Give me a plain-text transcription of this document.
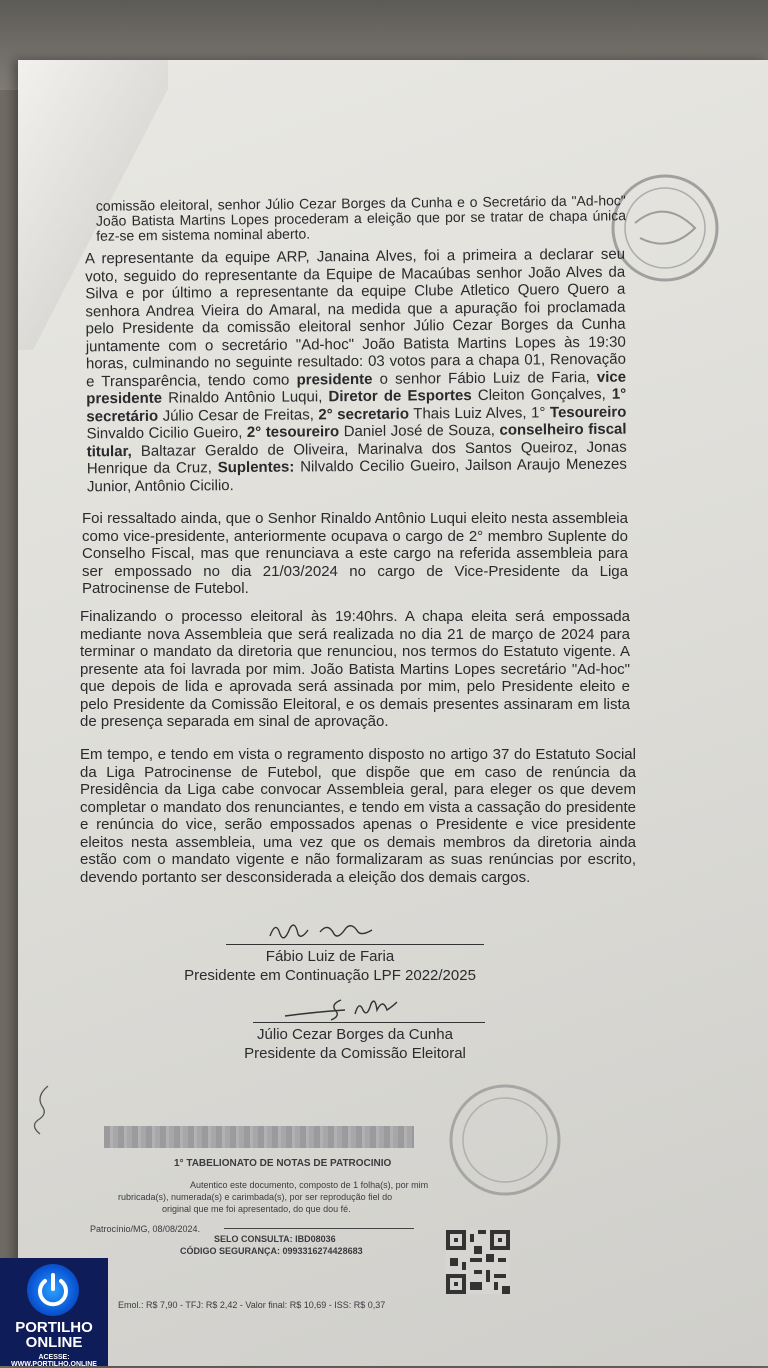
comissão eleitoral, senhor Júlio Cezar Borges da Cunha e o Secretário da "Ad-hoc" João Batista Martins Lopes procederam a eleição que por se tratar de chapa única fez-se em sistema nominal aberto.

A representante da equipe ARP, Janaina Alves, foi a primeira a declarar seu voto, seguido do representante da Equipe de Macaúbas senhor João Alves da Silva e por último a representante da equipe Clube Atletico Quero Quero a senhora Andrea Vieira do Amaral, na medida que a apuração foi proclamada pelo Presidente da comissão eleitoral senhor Júlio Cezar Borges da Cunha juntamente com o secretário "Ad-hoc" João Batista Martins Lopes às 19:30 horas, culminando no seguinte resultado: 03 votos para a chapa 01, Renovação e Transparência, tendo como presidente o senhor Fábio Luiz de Faria, vice presidente Rinaldo Antônio Luqui, Diretor de Esportes Cleiton Gonçalves, 1° secretário Júlio Cesar de Freitas, 2° secretario Thais Luiz Alves, 1° Tesoureiro Sinvaldo Cicilio Gueiro, 2° tesoureiro Daniel José de Souza, conselheiro fiscal titular, Baltazar Geraldo de Oliveira, Marinalva dos Santos Queiroz, Jonas Henrique da Cruz, Suplentes: Nilvaldo Cecilio Gueiro, Jailson Araujo Menezes Junior, Antônio Cicilio.

Foi ressaltado ainda, que o Senhor Rinaldo Antônio Luqui eleito nesta assembleia como vice-presidente, anteriormente ocupava o cargo de 2° membro Suplente do Conselho Fiscal, mas que renunciava a este cargo na referida assembleia para ser empossado no dia 21/03/2024 no cargo de Vice-Presidente da Liga Patrocinense de Futebol.

Finalizando o processo eleitoral às 19:40hrs. A chapa eleita será empossada mediante nova Assembleia que será realizada no dia 21 de março de 2024 para terminar o mandato da diretoria que renunciou, nos termos do Estatuto vigente. A presente ata foi lavrada por mim. João Batista Martins Lopes secretário "Ad-hoc" que depois de lida e aprovada será assinada por mim, pelo Presidente eleito e pelo Presidente da Comissão Eleitoral, e os demais presentes assinaram em lista de presença separada em sinal de aprovação.

Em tempo, e tendo em vista o regramento disposto no artigo 37 do Estatuto Social da Liga Patrocinense de Futebol, que dispõe que em caso de renúncia da Presidência da Liga cabe convocar Assembleia geral, para eleger os que devem completar o mandato dos renunciantes, e tendo em vista a cassação do presidente e renúncia do vice, serão empossados apenas o Presidente e vice presidente eleitos nesta assembleia, uma vez que os demais membros da diretoria ainda estão com o mandato vigente e não formalizaram as suas renúncias por escrito, devendo portanto ser desconsiderada a eleição dos demais cargos.

Fábio Luiz de Faria
Presidente em Continuação LPF 2022/2025
Júlio Cezar Borges da Cunha
Presidente da Comissão Eleitoral
1° TABELIONATO DE NOTAS DE PATROCINIO
Autentico este documento, composto de 1 folha(s), por mim
rubricada(s), numerada(s) e carimbada(s), por ser reprodução fiel do
original que me foi apresentado, do que dou fé.
Patrocínio/MG, 08/08/2024.
SELO CONSULTA: IBD08036
CÓDIGO SEGURANÇA: 0993316274428683
Emol.: R$ 7,90 - TFJ: R$ 2,42 - Valor final: R$ 10,69 - ISS: R$ 0,37
PORTILHO
ONLINE
ACESSE: WWW.PORTILHO.ONLINE
